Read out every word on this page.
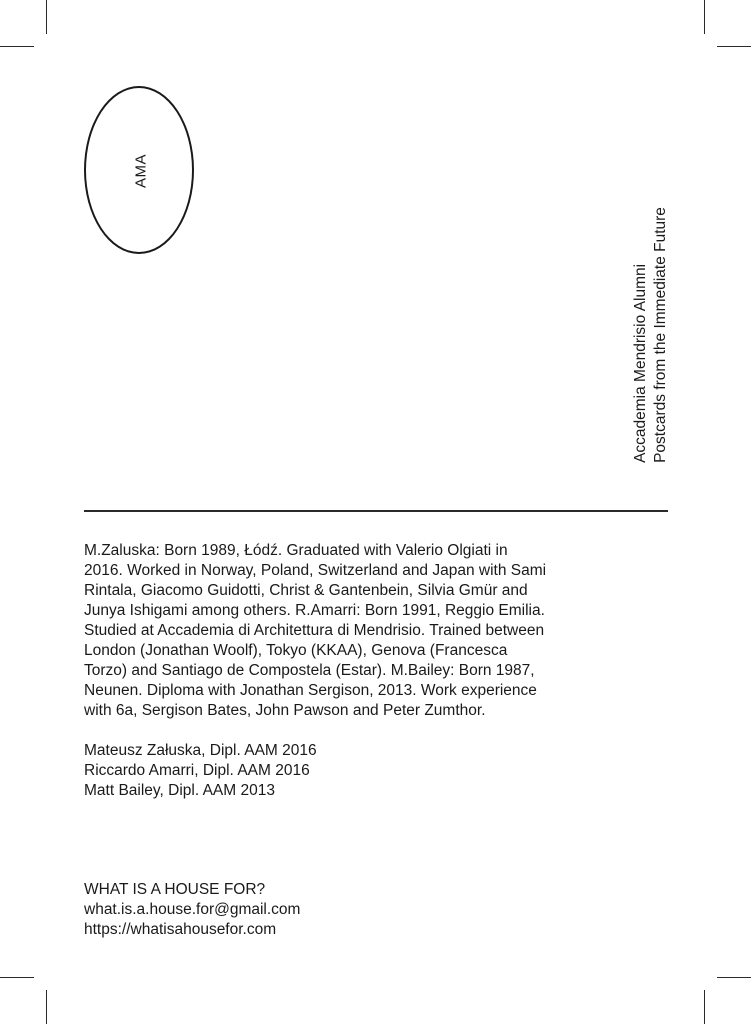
AMA
Accademia Mendrisio Alumni Postcards from the Immediate Future
M.Zaluska: Born 1989, Łódź. Graduated with Valerio Olgiati in
2016. Worked in Norway, Poland, Switzerland and Japan with Sami
Rintala, Giacomo Guidotti, Christ & Gantenbein, Silvia Gmür and
Junya Ishigami among others. R.Amarri: Born 1991, Reggio Emilia.
Studied at Accademia di Architettura di Mendrisio. Trained between
London (Jonathan Woolf), Tokyo (KKAA), Genova (Francesca
Torzo) and Santiago de Compostela (Estar). M.Bailey: Born 1987,
Neunen. Diploma with Jonathan Sergison, 2013. Work experience
with 6a, Sergison Bates, John Pawson and Peter Zumthor.
Mateusz Załuska, Dipl. AAM 2016
Riccardo Amarri, Dipl. AAM 2016
Matt Bailey, Dipl. AAM 2013
WHAT IS A HOUSE FOR?
what.is.a.house.for@gmail.com
https://whatisahousefor.com
